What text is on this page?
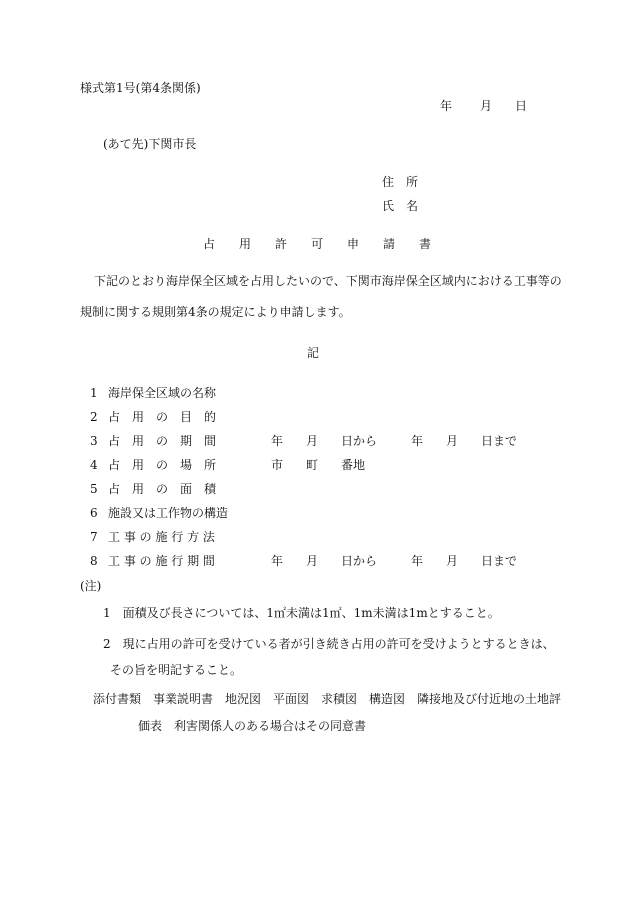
様式第1号(第4条関係)
年 月 日
(あて先)下関市長
住　所
氏　名
占　　用　　許　　可　　申　　請　　書
下記のとおり海岸保全区域を占用したいので、下関市海岸保全区域内における工事等の
規制に関する規則第4条の規定により申請します。
記
1 海岸保全区域の名称
2 占　用　の　目　的
3 占　用　の　期　間	年 月 日から	年 月 日まで
4 占　用　の　場　所	市 町 番地
5 占　用　の　面　積
6 施設又は工作物の構造
7 工 事 の 施 行 方 法
8 工 事 の 施 行 期 間	年 月 日から	年 月 日まで
(注)
1　面積及び長さについては、1㎡未満は1㎡、1m未満は1mとすること。
2　現に占用の許可を受けている者が引き続き占用の許可を受けようとするときは、
その旨を明記すること。
添付書類　事業説明書　地況図　平面図　求積図　構造図　隣接地及び付近地の土地評
価表　利害関係人のある場合はその同意書
